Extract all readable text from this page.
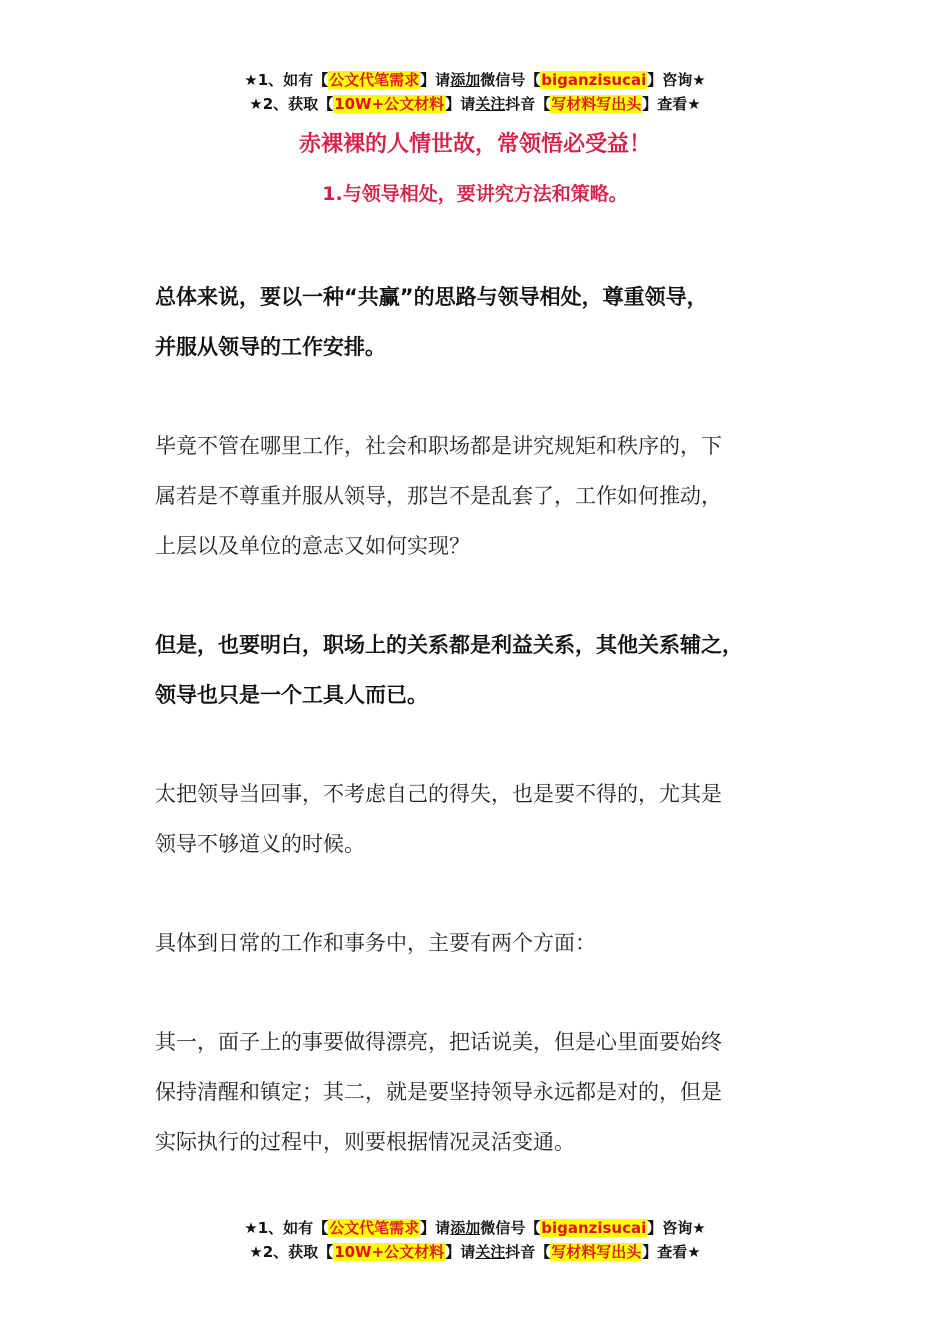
★1、如有【公文代笔需求】请添加微信号【biganzisucai】咨询★
★2、获取【10W+公文材料】请关注抖音【写材料写出头】查看★
赤裸裸的人情世故，常领悟必受益！
1.与领导相处，要讲究方法和策略。
总体来说，要以一种“共赢”的思路与领导相处，尊重领导，
并服从领导的工作安排。
毕竟不管在哪里工作，社会和职场都是讲究规矩和秩序的，下
属若是不尊重并服从领导，那岂不是乱套了，工作如何推动，
上层以及单位的意志又如何实现？
但是，也要明白，职场上的关系都是利益关系，其他关系辅之，
领导也只是一个工具人而已。
太把领导当回事，不考虑自己的得失，也是要不得的，尤其是
领导不够道义的时候。
具体到日常的工作和事务中，主要有两个方面：
其一，面子上的事要做得漂亮，把话说美，但是心里面要始终
保持清醒和镇定；其二，就是要坚持领导永远都是对的，但是
实际执行的过程中，则要根据情况灵活变通。
★1、如有【公文代笔需求】请添加微信号【biganzisucai】咨询★
★2、获取【10W+公文材料】请关注抖音【写材料写出头】查看★
